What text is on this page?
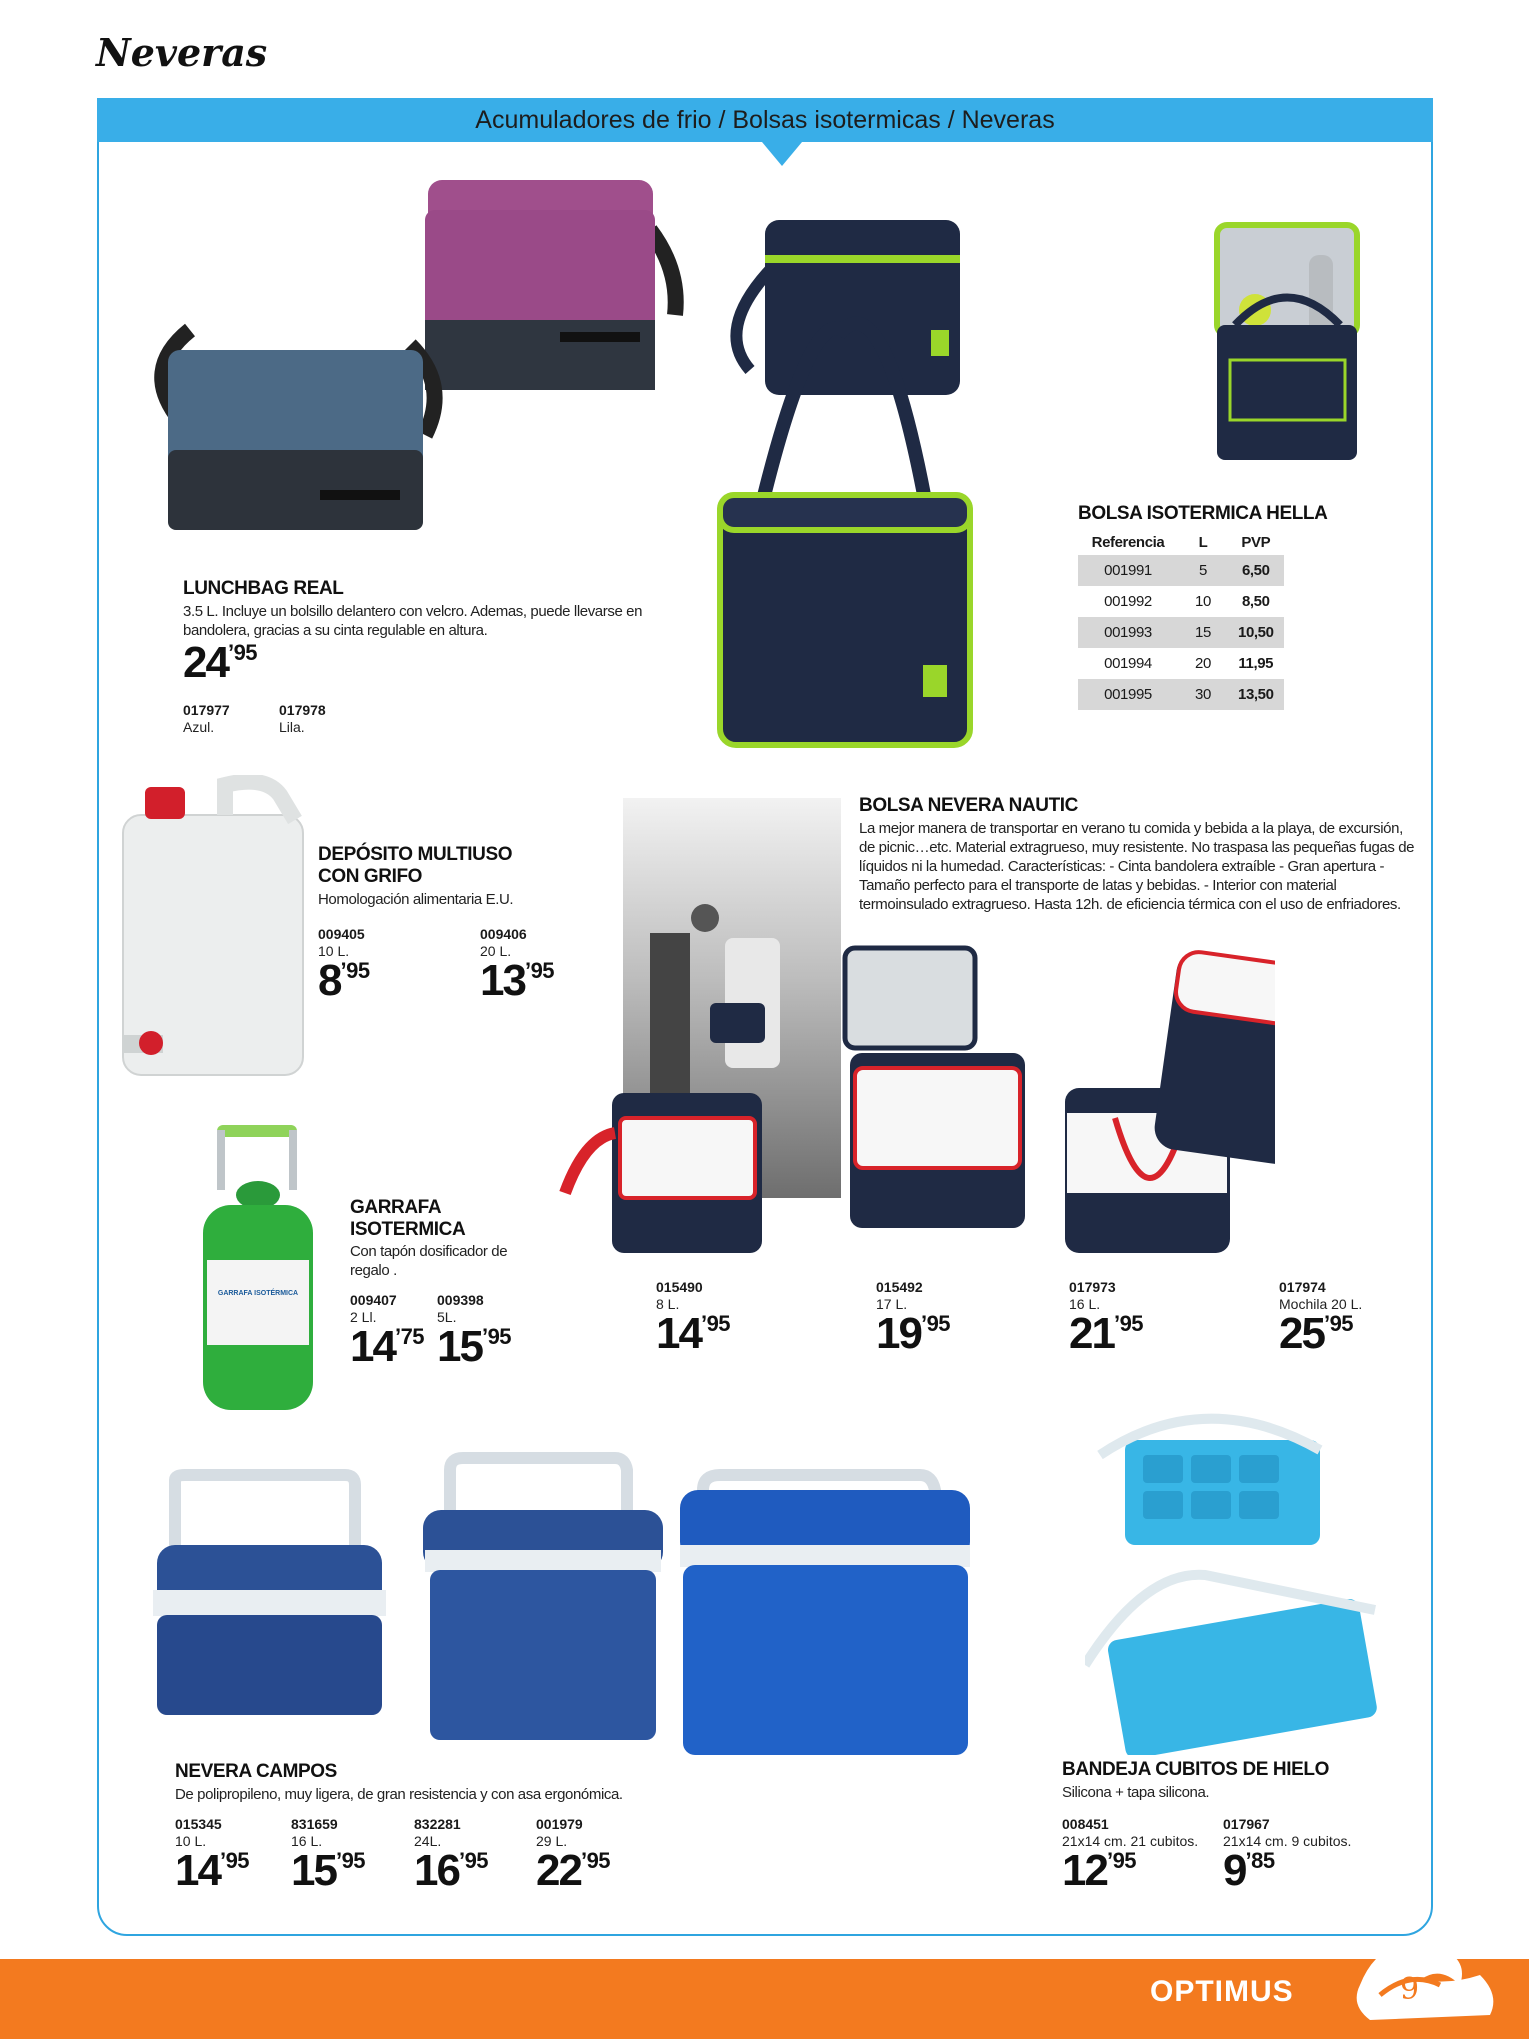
Neveras
Acumuladores de frio / Bolsas isotermicas / Neveras
LUNCHBAG REAL
3.5 L. Incluye un bolsillo delantero con velcro. Ademas, puede llevarse en bandolera, gracias a su cinta regulable en altura.
24’95
017977
Azul.
017978
Lila.
BOLSA ISOTERMICA HELLA
Referencia	L	PVP
001991	5	6,50
001992	10	8,50
001993	15	10,50
001994	20	11,95
001995	30	13,50
DEPÓSITO MULTIUSO CON GRIFO
Homologación alimentaria E.U.
009405
10 L.
8’95
009406
20 L.
13’95
GARRAFA ISOTÉRMICA
GARRAFA ISOTERMICA
Con tapón dosificador de regalo .
009407
2 Ll.
14’75
009398
5L.
15’95
BOLSA NEVERA NAUTIC
La mejor manera de transportar en verano tu comida y bebida a la playa, de excursión, de picnic…etc. Material extragrueso, muy resistente. No traspasa las pequeñas fugas de líquidos ni la humedad. Características: - Cinta bandolera extraíble - Gran apertura - Tamaño perfecto para el transporte de latas y bebidas. - Interior con material termoinsulado extragrueso. Hasta 12h. de eficiencia térmica con el uso de enfriadores.
015490
8 L.
14’95
015492
17 L.
19’95
017973
16 L.
21’95
017974
Mochila 20 L.
25’95
NEVERA CAMPOS
De polipropileno, muy ligera, de gran resistencia y con asa ergonómica.
015345
10 L.
14’95
831659
16 L.
15’95
832281
24L.
16’95
001979
29 L.
22’95
BANDEJA CUBITOS DE HIELO
Silicona + tapa silicona.
008451
21x14 cm. 21 cubitos.
12’95
017967
21x14 cm. 9 cubitos.
9’85
OPTIMUS	9
